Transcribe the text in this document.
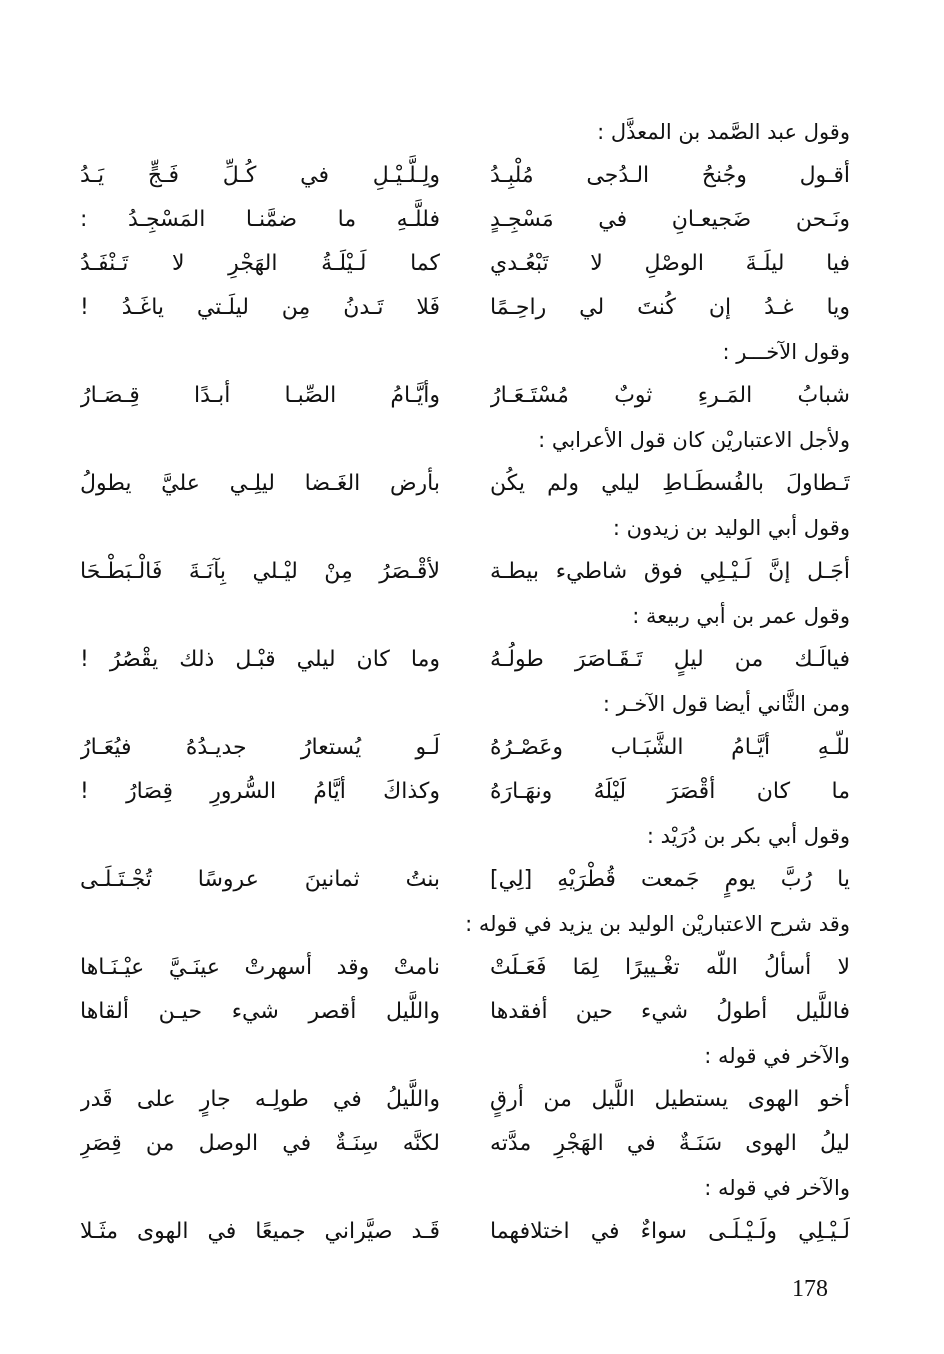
وقول عبد الصَّمد بن المعذَّل :
أقـول وجُنحُ الـدُجى مُلْبِـدُ
ولِـلَّـيْـلِ في كُـلِّ فَـجٍّ يَـدُ
ونَـحن ضَجيعـانِ في مَسْجِـدٍ
فللَّـهِ ما ضمَّنـا المَسْجِـدُ :
فيا ليلَـةَ الوصْلِ لا تَبْعُـدي
كما لَـيْلَـةُ الهَجْرِ لا تَـنْفَـدُ
ويا غـدُ إن كُنتَ لي راحِـمًا
فَلا تَـدنُ مِن ليلَـتي ياغَـدُ !
وقول الآخـــر :
شبابُ المَـرءِ ثوبٌ مُسْتَـعَـارُ
وأيَّـامُ الصِّبـا أبـدًا قِـصَـارُ
ولأجل الاعتباريْن كان قول الأعرابي :
تَـطاولَ بالفُسطَـاطِ ليلي ولم يكُن
بأرض الغَـضا ليلِـي عليَّ يطولُ
وقول أبي الوليد بن زيدون :
أجَـل إنَّ لَـيْـلِي فوق شاطيء بيطـة
لأقْـصَرُ مِنْ ليْـلي بِآنَـةَ فَالْـبَطْـحَا
وقول عمر بن أبي ربيعة :
فيالَـك من ليلٍ تَـقَـاصَرَ طولُـهُ
وما كان ليلي قبْـل ذلك يقْصُرُ !
ومن الثَّاني أيضا قول الآخـر :
للّـهِ أيَّـامُ الشَّبَـاب وعَصْـرُهُ
لَـو يُستعارُ جديـدُهُ فيُعَـارُ
ما كان أقْصَرَ لَيْلَهُ ونهَـارَهُ
وكذاكَ أيَّامُ السُّرورِ قِصَارُ !
وقول أبي بكر بن دُرَيْد :
يا رُبَّ يومٍ جَمعت قُطْرَيْهِ [لِي]
بنتُ ثمانينَ عروسًا تُجْـتَـلَـى
وقد شرح الاعتباريْن الوليد بن يزيد في قوله :
لا أسألُ اللّه تغْـييرًا لِمَا فَعَـلَتْ
نامتْ وقد أسهرتْ عينَـيَّ عيْـنَـاها
فاللَّيل أطولُ شيء حين أفقدها
واللَّيل أقصر شيء حيـن ألقاها
والآخر في قوله :
أخو الهوى يستطيل اللَّيل من أرقٍ
واللَّيلُ في طولِـه جارٍ على قَدر
ليلُ الهوى سَنَـةٌ في الهَجْرِ مدَّته
لكنَّه سِنَـةٌ في الوصل من قِصَرِ
والآخر في قوله :
لَـيْـلِي ولَـيْـلَـى سواءٌ في اختلافهما
قَـد صيَّراني جميعًا في الهوى مثَـلا
178
